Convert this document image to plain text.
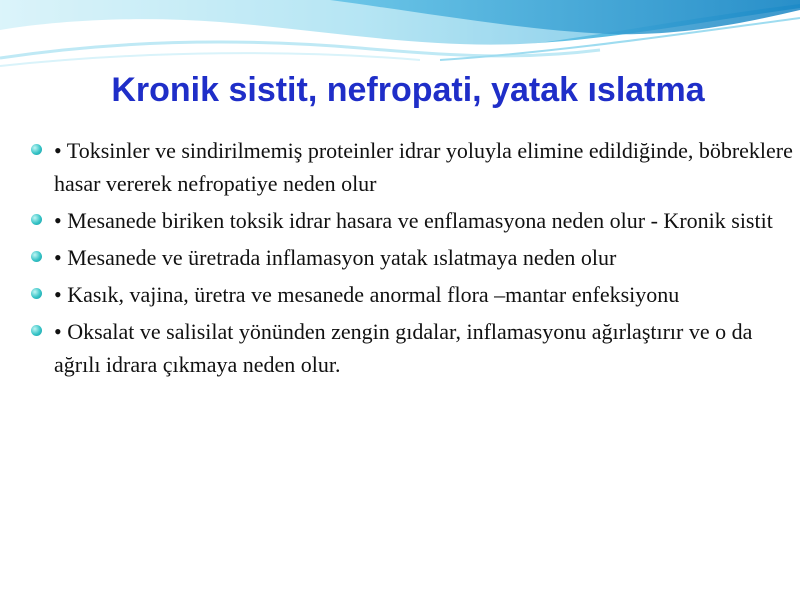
Kronik sistit, nefropati, yatak ıslatma
• Toksinler ve sindirilmemiş proteinler idrar yoluyla elimine edildiğinde, böbreklere hasar vererek nefropatiye neden olur
• Mesanede biriken toksik idrar hasara ve enflamasyona neden olur - Kronik sistit
• Mesanede ve üretrada inflamasyon yatak ıslatmaya neden olur
• Kasık, vajina, üretra ve mesanede anormal flora –mantar enfeksiyonu
• Oksalat ve salisilat yönünden zengin gıdalar, inflamasyonu ağırlaştırır ve o da ağrılı idrara çıkmaya neden olur.
